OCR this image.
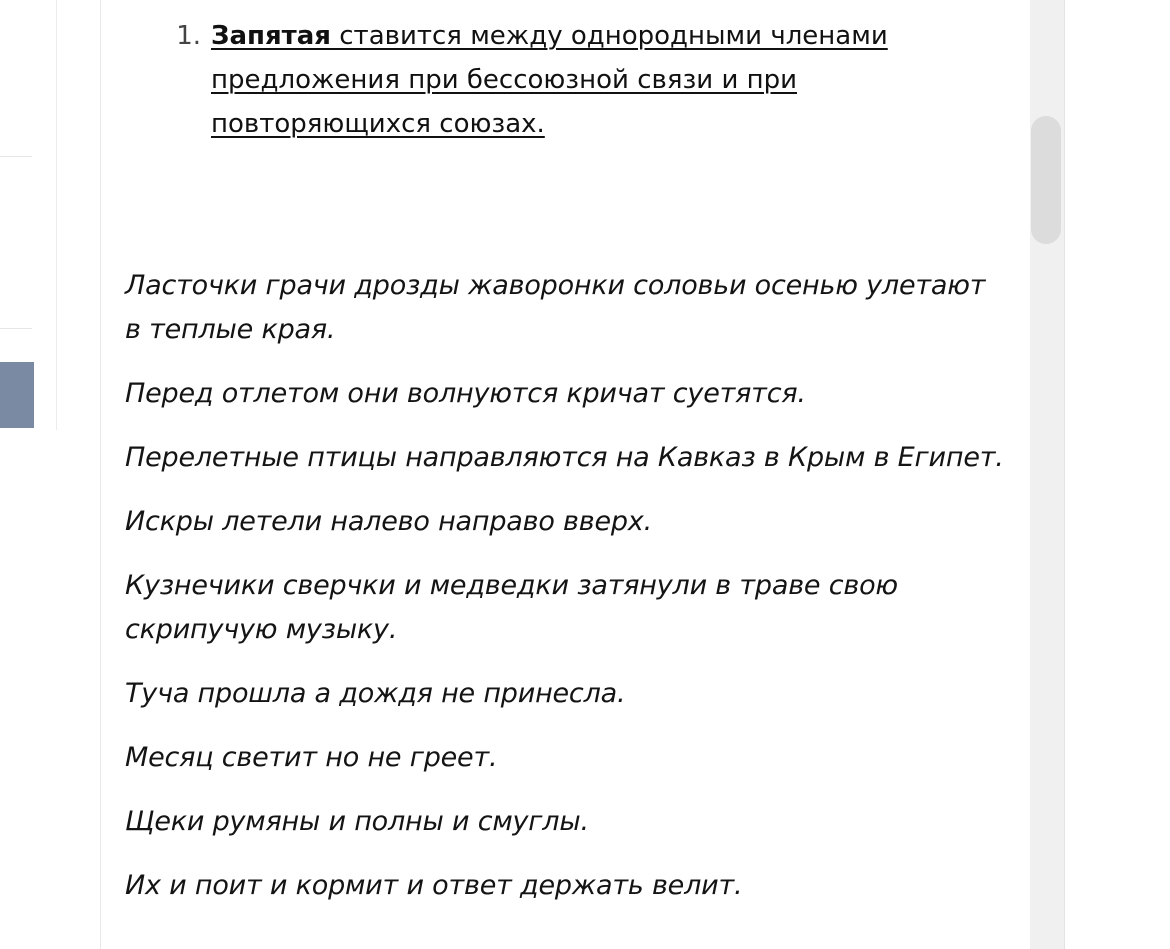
1. Запятая ставится между однородными членами предложения при бессоюзной связи и при повторяющихся союзах.

Ласточки грачи дрозды жаворонки соловьи осенью улетают в теплые края.

Перед отлетом они волнуются кричат суетятся.

Перелетные птицы направляются на Кавказ в Крым в Египет.

Искры летели налево направо вверх.

Кузнечики сверчки и медведки затянули в траве свою скрипучую музыку.

Туча прошла а дождя не принесла.

Месяц светит но не греет.

Щеки румяны и полны и смуглы.

Их и поит и кормит и ответ держать велит.
